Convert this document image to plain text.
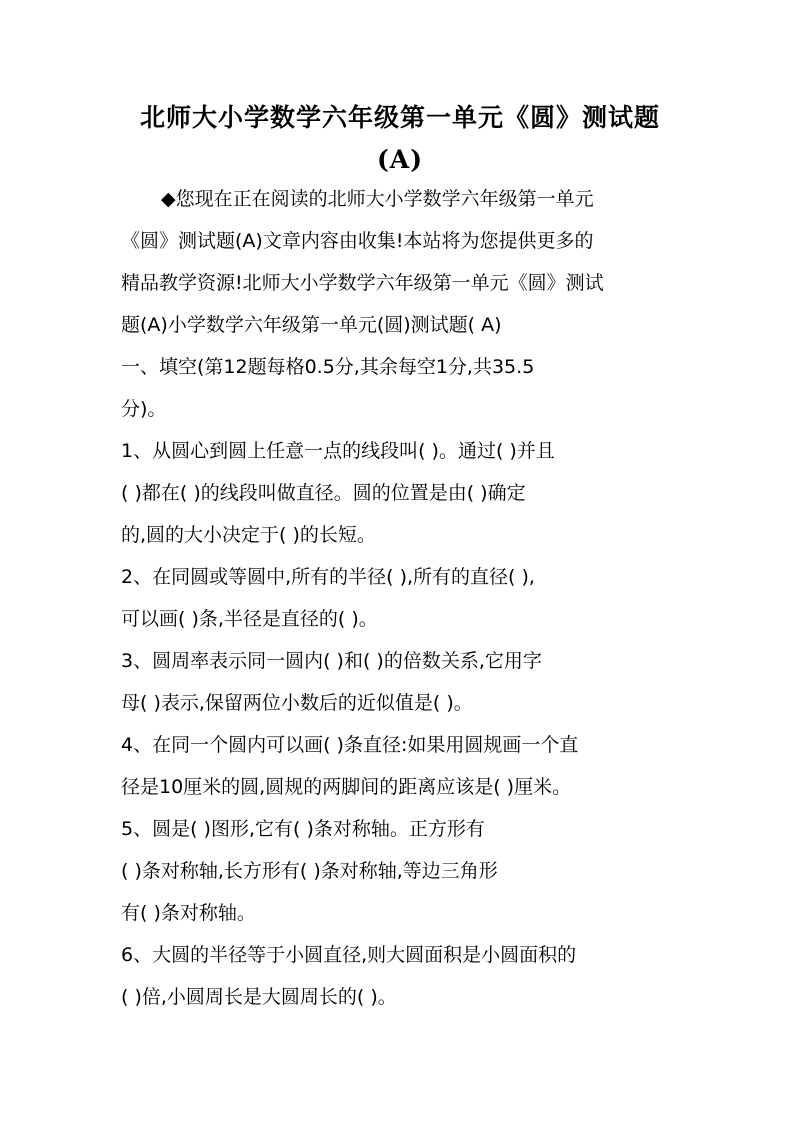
北师大小学数学六年级第一单元《圆》测试题
(A)
◆您现在正在阅读的北师大小学数学六年级第一单元
《圆》测试题(A)文章内容由收集!本站将为您提供更多的
精品教学资源!北师大小学数学六年级第一单元《圆》测试
题(A)小学数学六年级第一单元(圆)测试题( A)
一、填空(第12题每格0.5分,其余每空1分,共35.5
分)。
1、从圆心到圆上任意一点的线段叫( )。通过( )并且
( )都在( )的线段叫做直径。圆的位置是由( )确定
的,圆的大小决定于( )的长短。
2、在同圆或等圆中,所有的半径( ),所有的直径( ),
可以画( )条,半径是直径的( )。
3、圆周率表示同一圆内( )和( )的倍数关系,它用字
母( )表示,保留两位小数后的近似值是( )。
4、在同一个圆内可以画( )条直径:如果用圆规画一个直
径是10厘米的圆,圆规的两脚间的距离应该是( )厘米。
5、圆是( )图形,它有( )条对称轴。正方形有
( )条对称轴,长方形有( )条对称轴,等边三角形
有( )条对称轴。
6、大圆的半径等于小圆直径,则大圆面积是小圆面积的
( )倍,小圆周长是大圆周长的( )。
